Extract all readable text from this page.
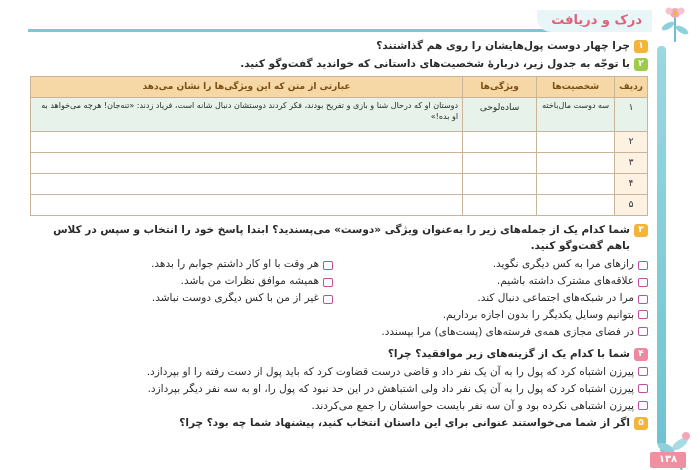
۱۳۸
درک و دریافت
۱
چرا چهار دوست پول‌هایشان را روی هم گذاشتند؟
۲
با توجّه به جدول زیر، دربارهٔ شخصیت‌های داستانی که خواندید گفت‌وگو کنید.
ردیف	شخصیت‌ها	ویژگی‌ها	عبارتی از متن که این ویژگی‌ها را نشان می‌دهد
۱	سه دوست مال‌باخته	ساده‌لوحی	دوستان او که درحال شنا و بازی و تفریح بودند، فکر کردند دوستشان دنبال شانه است، فریاد زدند: «تنه‌جان! هرچه می‌خواهد به او بده!»
۲			
۳			
۴			
۵			
۳
شما کدام یک از جمله‌های زیر را به‌عنوان ویژگی «دوست» می‌پسندید؟ ابتدا پاسخ خود را انتخاب و سپس در کلاس باهم گفت‌وگو کنید.
رازهای مرا به کس دیگری نگوید.
هر وقت با او کار داشتم جوابم را بدهد.
علاقه‌های مشترک داشته باشیم.
همیشه موافق نظرات من باشد.
مرا در شبکه‌های اجتماعی دنبال کند.
غیر از من با کس دیگری دوست نباشد.
بتوانیم وسایل یکدیگر را بدون اجازه برداریم.
در فضای مجازی همه‌ی فرسته‌های (پست‌های) مرا بپسندد.
۴
شما با کدام یک از گزینه‌های زیر موافقید؟ چرا؟
پیرزن اشتباه کرد که پول را به آن یک نفر داد و قاضی درست قضاوت کرد که باید پول از دست رفته را او بپردازد.
پیرزن اشتباه کرد که پول را به آن یک نفر داد ولی اشتباهش در این حد نبود که پول را، او به سه نفر دیگر بپردازد.
پیرزن اشتباهی نکرده بود و آن سه نفر بایست حواسشان را جمع می‌کردند.
۵
اگر از شما می‌خواستند عنوانی برای این داستان انتخاب کنید، پیشنهاد شما چه بود؟ چرا؟
